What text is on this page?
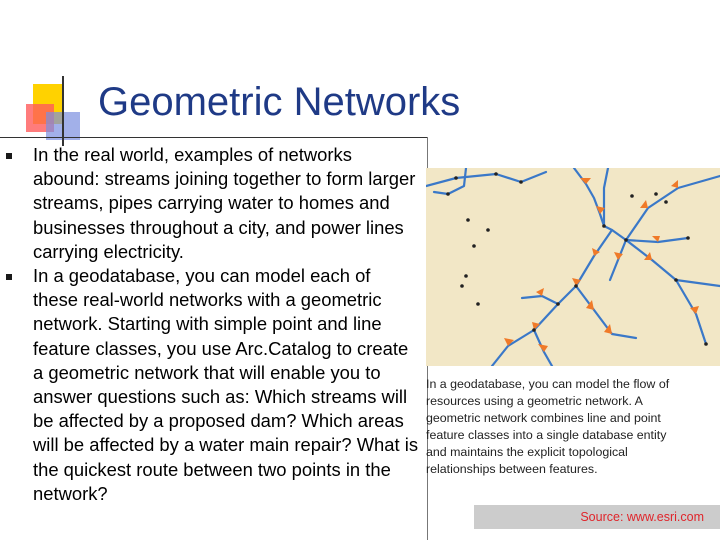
Geometric Networks
In the real world, examples of networks abound: streams joining together to form larger streams, pipes carrying water to homes and businesses throughout a city, and power lines carrying electricity.
In a geodatabase, you can model each of these real-world networks with a geometric network. Starting with simple point and line feature classes, you use Arc.Catalog to create a geometric network that will enable you to answer questions such as: Which streams will be affected by a proposed dam? Which areas will be affected by a water main repair? What is the quickest route between two points in the network?
In a geodatabase, you can model the flow of
resources using a geometric network. A
geometric network combines line and point
feature classes into a single database entity
and maintains the explicit topological
relationships between features.
Source: www.esri.com
